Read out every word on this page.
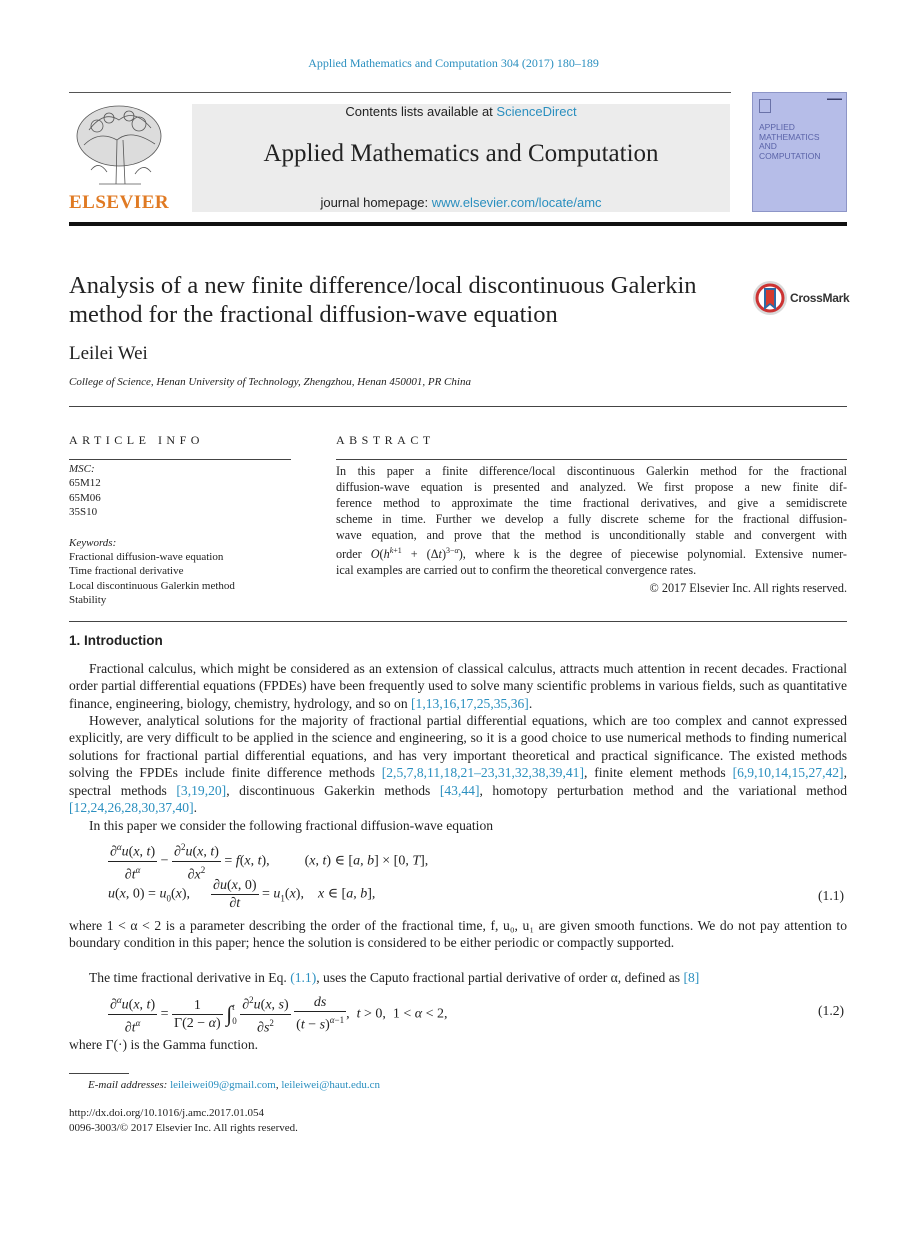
Applied Mathematics and Computation 304 (2017) 180–189
ELSEVIER
Contents lists available at ScienceDirect
Applied Mathematics and Computation
journal homepage: www.elsevier.com/locate/amc
▬▬▬
APPLIED
MATHEMATICS
AND
COMPUTATION
Analysis of a new finite difference/local discontinuous Galerkin method for the fractional diffusion-wave equation
CrossMark
Leilei Wei
College of Science, Henan University of Technology, Zhengzhou, Henan 450001, PR China
ARTICLE INFO
MSC:
65M12
65M06
35S10
Keywords:
Fractional diffusion-wave equation
Time fractional derivative
Local discontinuous Galerkin method
Stability
ABSTRACT
In this paper a finite difference/local discontinuous Galerkin method for the fractional
diffusion-wave equation is presented and analyzed. We first propose a new finite dif-
ference method to approximate the time fractional derivatives, and give a semidiscrete
scheme in time. Further we develop a fully discrete scheme for the fractional diffusion-
wave equation, and prove that the method is unconditionally stable and convergent with
order $O(h^{k+1} + (\Delta t)^{3-\alpha})$, where k is the degree of piecewise polynomial. Extensive numer-
ical examples are carried out to confirm the theoretical convergence rates.
© 2017 Elsevier Inc. All rights reserved.
1. Introduction
Fractional calculus, which might be considered as an extension of classical calculus, attracts much attention in recent decades. Fractional order partial differential equations (FPDEs) have been frequently used to solve many scientific problems in various fields, such as quantitative finance, engineering, biology, chemistry, hydrology, and so on [1,13,16,17,25,35,36].
However, analytical solutions for the majority of fractional partial differential equations, which are too complex and cannot expressed explicitly, are very difficult to be applied in the science and engineering, so it is a good choice to use numerical methods to finding numerical solutions for fractional partial differential equations, and has very important theoretical and practical significance. The existed methods solving the FPDEs include finite difference methods [2,5,7,8,11,18,21–23,31,32,38,39,41], finite element methods [6,9,10,14,15,27,42], spectral methods [3,19,20], discontinuous Gakerkin methods [43,44], homotopy perturbation method and the variational method [12,24,26,28,30,37,40].
In this paper we consider the following fractional diffusion-wave equation
$\frac{\partial^\alpha u(x, t)}{\partial t^\alpha} - \frac{\partial^2u(x, t)}{\partial x^2} = f(x$, t),          (x, t) ∈ [a, b] × [0, T],
u(x, $0) = u_0(x)$, $\frac{\partial u(x, 0)}{\partial t} = u_1(x)$,    x ∈ [a, b],	(1.1)
where 1 < α < 2 is a parameter describing the order of the fractional time, f, u₀, u₁ are given smooth functions. We do not pay attention to boundary condition in this paper; hence the solution is considered to be either periodic or compactly supported.
The time fractional derivative in Eq. (1.1), uses the Caputo fractional partial derivative of order α, defined as [8]
$\frac{\partial^\alpha u(x, t)}{\partial t^\alpha} = \frac{1}{\Gamma(2 - \alpha)} \int t$
$0 \frac{\partial^2u(x, s)}{\partial s^2}$
$\frac{ds}{(t - s)^{\alpha-1}}$ ,  t > 0,  1 < α < 2,	(1.2)
where Γ(·) is the Gamma function.
E-mail addresses: leileiwei09@gmail.com, leileiwei@haut.edu.cn
http://dx.doi.org/10.1016/j.amc.2017.01.054
0096-3003/© 2017 Elsevier Inc. All rights reserved.
